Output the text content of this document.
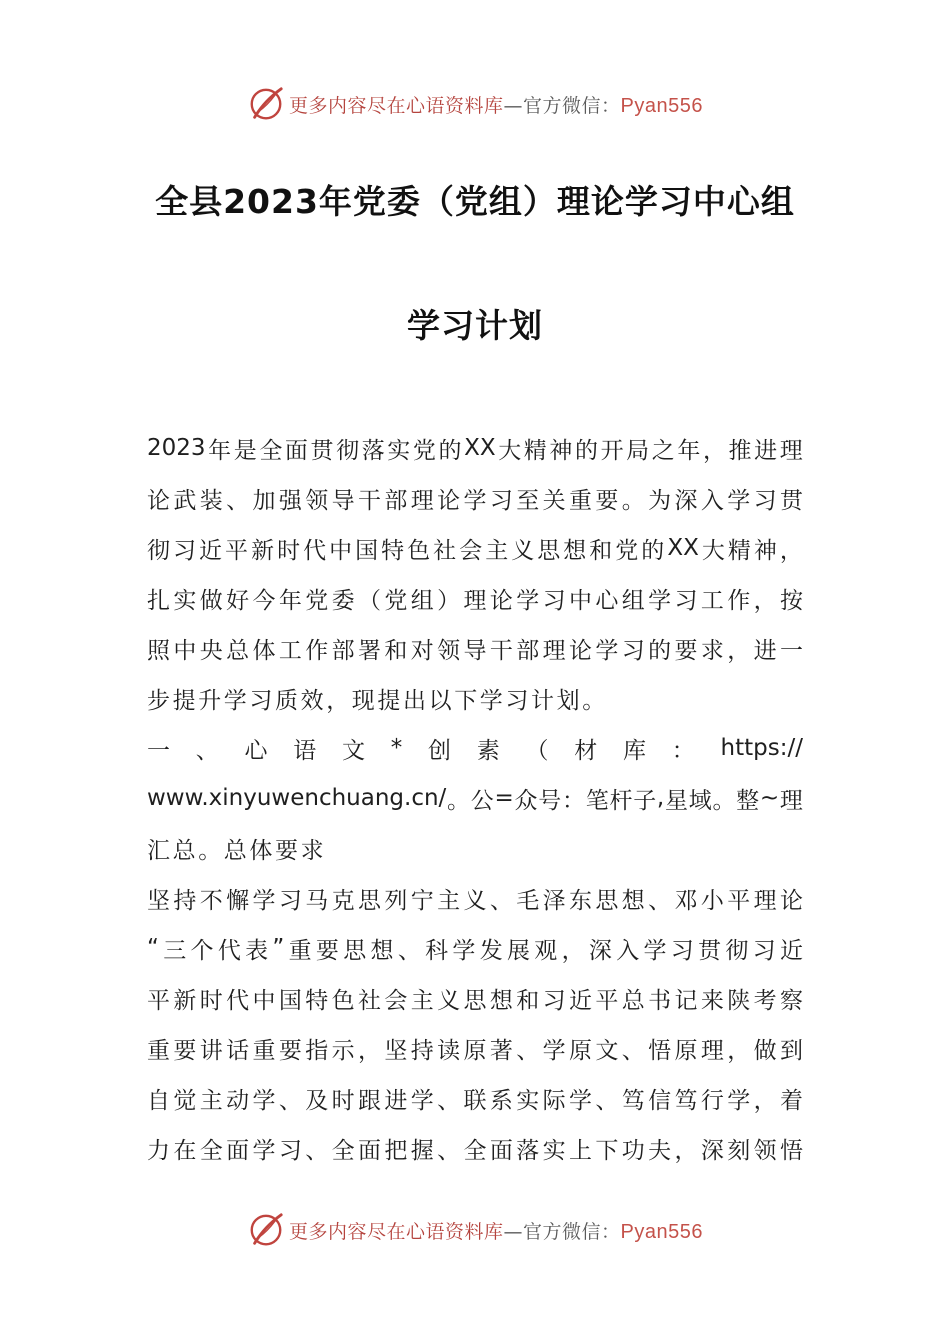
更多内容尽在心语资料库—官方微信：Pyan556
全县2023年党委（党组）理论学习中心组
学习计划
2023 年 是 全 面 贯 彻 落 实 党 的 XX 大 精 神 的 开 局 之 年 ， 推 进 理
论 武 装 、 加 强 领 导 干 部 理 论 学 习 至 关 重 要 。 为 深 入 学 习 贯
彻 习 近 平 新 时 代 中 国 特 色 社 会 主 义 思 想 和 党 的 XX 大 精 神 ，
扎 实 做 好 今 年 党 委 （ 党 组 ） 理 论 学 习 中 心 组 学 习 工 作 ， 按
照 中 央 总 体 工 作 部 署 和 对 领 导 干 部 理 论 学 习 的 要 求 ， 进 一
步提升学习质效，现提出以下学习计划。
一 、 心 语 文 * 创 素 （ 材 库 ： https://
www.xinyuwenchuang.cn/ 。 公 = 众 号 ： 笔 杆 子 , 星 域 。 整 ~ 理
汇总。总体要求
坚 持 不 懈 学 习 马 克 思 列 宁 主 义 、 毛 泽 东 思 想 、 邓 小 平 理 论
“ 三 个 代 表 ” 重 要 思 想 、 科 学 发 展 观 ， 深 入 学 习 贯 彻 习 近
平 新 时 代 中 国 特 色 社 会 主 义 思 想 和 习 近 平 总 书 记 来 陕 考 察
重 要 讲 话 重 要 指 示 ， 坚 持 读 原 著 、 学 原 文 、 悟 原 理 ， 做 到
自 觉 主 动 学 、 及 时 跟 进 学 、 联 系 实 际 学 、 笃 信 笃 行 学 ， 着
力 在 全 面 学 习 、 全 面 把 握 、 全 面 落 实 上 下 功 夫 ， 深 刻 领 悟
更多内容尽在心语资料库—官方微信：Pyan556
